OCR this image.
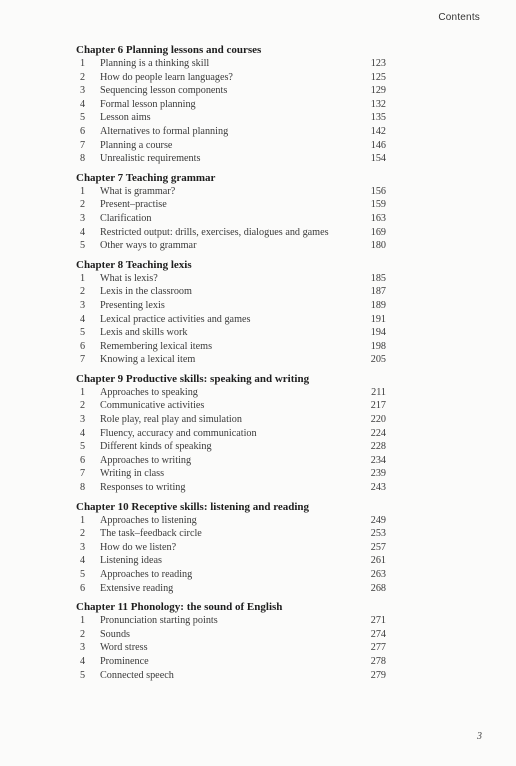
Contents
Chapter 6 Planning lessons and courses
1	Planning is a thinking skill	123
2	How do people learn languages?	125
3	Sequencing lesson components	129
4	Formal lesson planning	132
5	Lesson aims	135
6	Alternatives to formal planning	142
7	Planning a course	146
8	Unrealistic requirements	154
Chapter 7 Teaching grammar
1	What is grammar?	156
2	Present–practise	159
3	Clarification	163
4	Restricted output: drills, exercises, dialogues and games	169
5	Other ways to grammar	180
Chapter 8 Teaching lexis
1	What is lexis?	185
2	Lexis in the classroom	187
3	Presenting lexis	189
4	Lexical practice activities and games	191
5	Lexis and skills work	194
6	Remembering lexical items	198
7	Knowing a lexical item	205
Chapter 9 Productive skills: speaking and writing
1	Approaches to speaking	211
2	Communicative activities	217
3	Role play, real play and simulation	220
4	Fluency, accuracy and communication	224
5	Different kinds of speaking	228
6	Approaches to writing	234
7	Writing in class	239
8	Responses to writing	243
Chapter 10 Receptive skills: listening and reading
1	Approaches to listening	249
2	The task–feedback circle	253
3	How do we listen?	257
4	Listening ideas	261
5	Approaches to reading	263
6	Extensive reading	268
Chapter 11 Phonology: the sound of English
1	Pronunciation starting points	271
2	Sounds	274
3	Word stress	277
4	Prominence	278
5	Connected speech	279
3
